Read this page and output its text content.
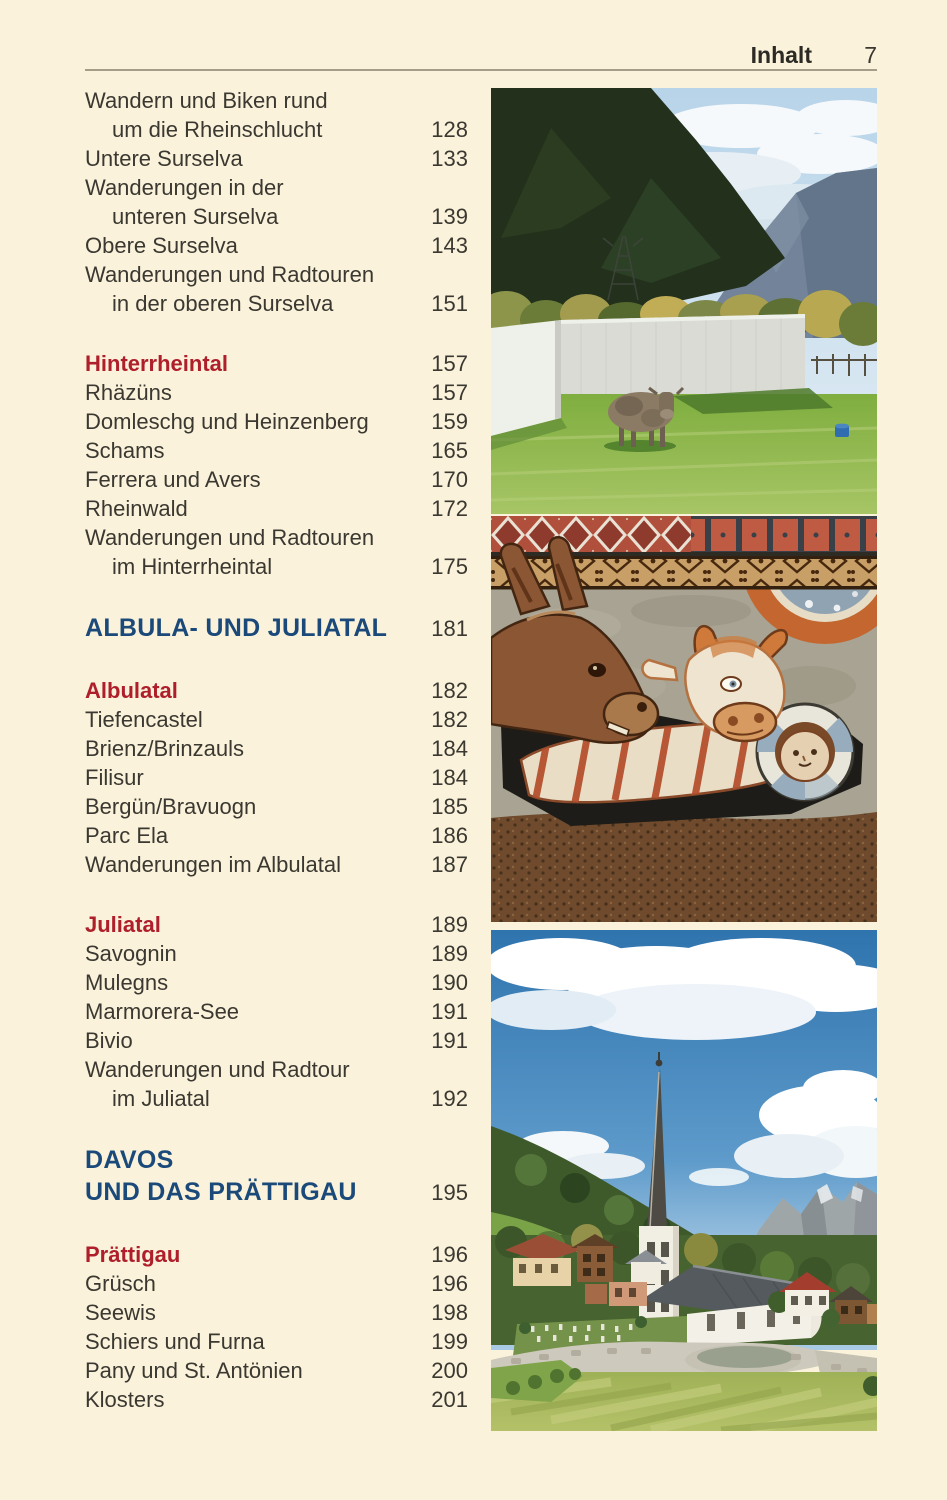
Inhalt 7
Wandern und Biken rund
um die Rheinschlucht	128
Untere Surselva	133
Wanderungen in der
unteren Surselva	139
Obere Surselva	143
Wanderungen und Radtouren
in der oberen Surselva	151
Hinterrheintal	157
Rhäzüns	157
Domleschg und Heinzenberg	159
Schams	165
Ferrera und Avers	170
Rheinwald	172
Wanderungen und Radtouren
im Hinterrheintal	175
ALBULA- UND JULIATAL 181
Albulatal	182
Tiefencastel	182
Brienz/Brinzauls	184
Filisur	184
Bergün/Bravuogn	185
Parc Ela	186
Wanderungen im Albulatal	187
Juliatal	189
Savognin	189
Mulegns	190
Marmorera-See	191
Bivio	191
Wanderungen und Radtour
im Juliatal	192
DAVOS
UND DAS PRÄTTIGAU	195
Prättigau	196
Grüsch	196
Seewis	198
Schiers und Furna	199
Pany und St. Antönien	200
Klosters	201
